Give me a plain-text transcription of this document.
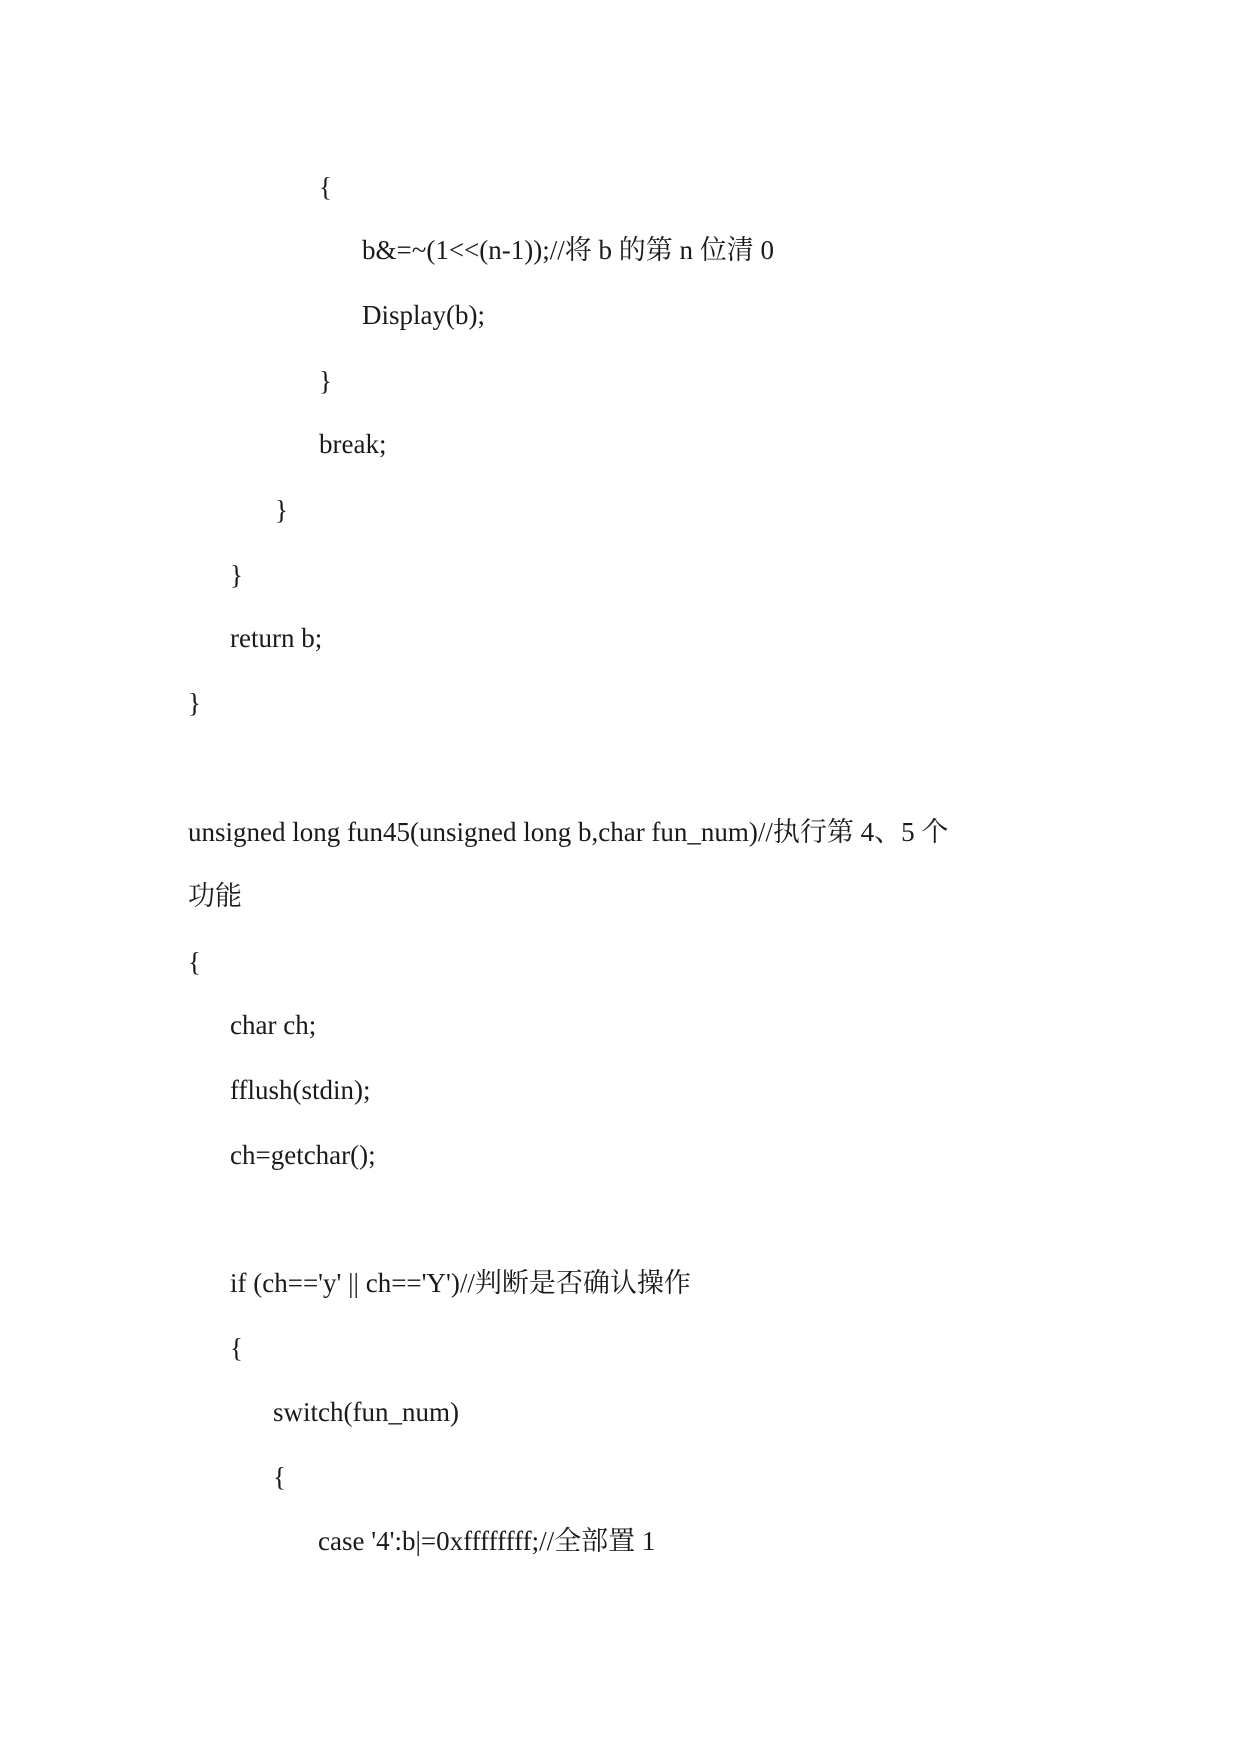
{

b&=~(1<<(n-1));//将 b 的第 n 位清 0

Display(b);

}

break;

}

}

return b;

}

unsigned long fun45(unsigned long b,char fun_num)//执行第 4、5 个

功能

{

char ch;

fflush(stdin);

ch=getchar();

if (ch=='y' || ch=='Y')//判断是否确认操作

{

switch(fun_num)

{

case '4':b|=0xffffffff;//全部置 1
